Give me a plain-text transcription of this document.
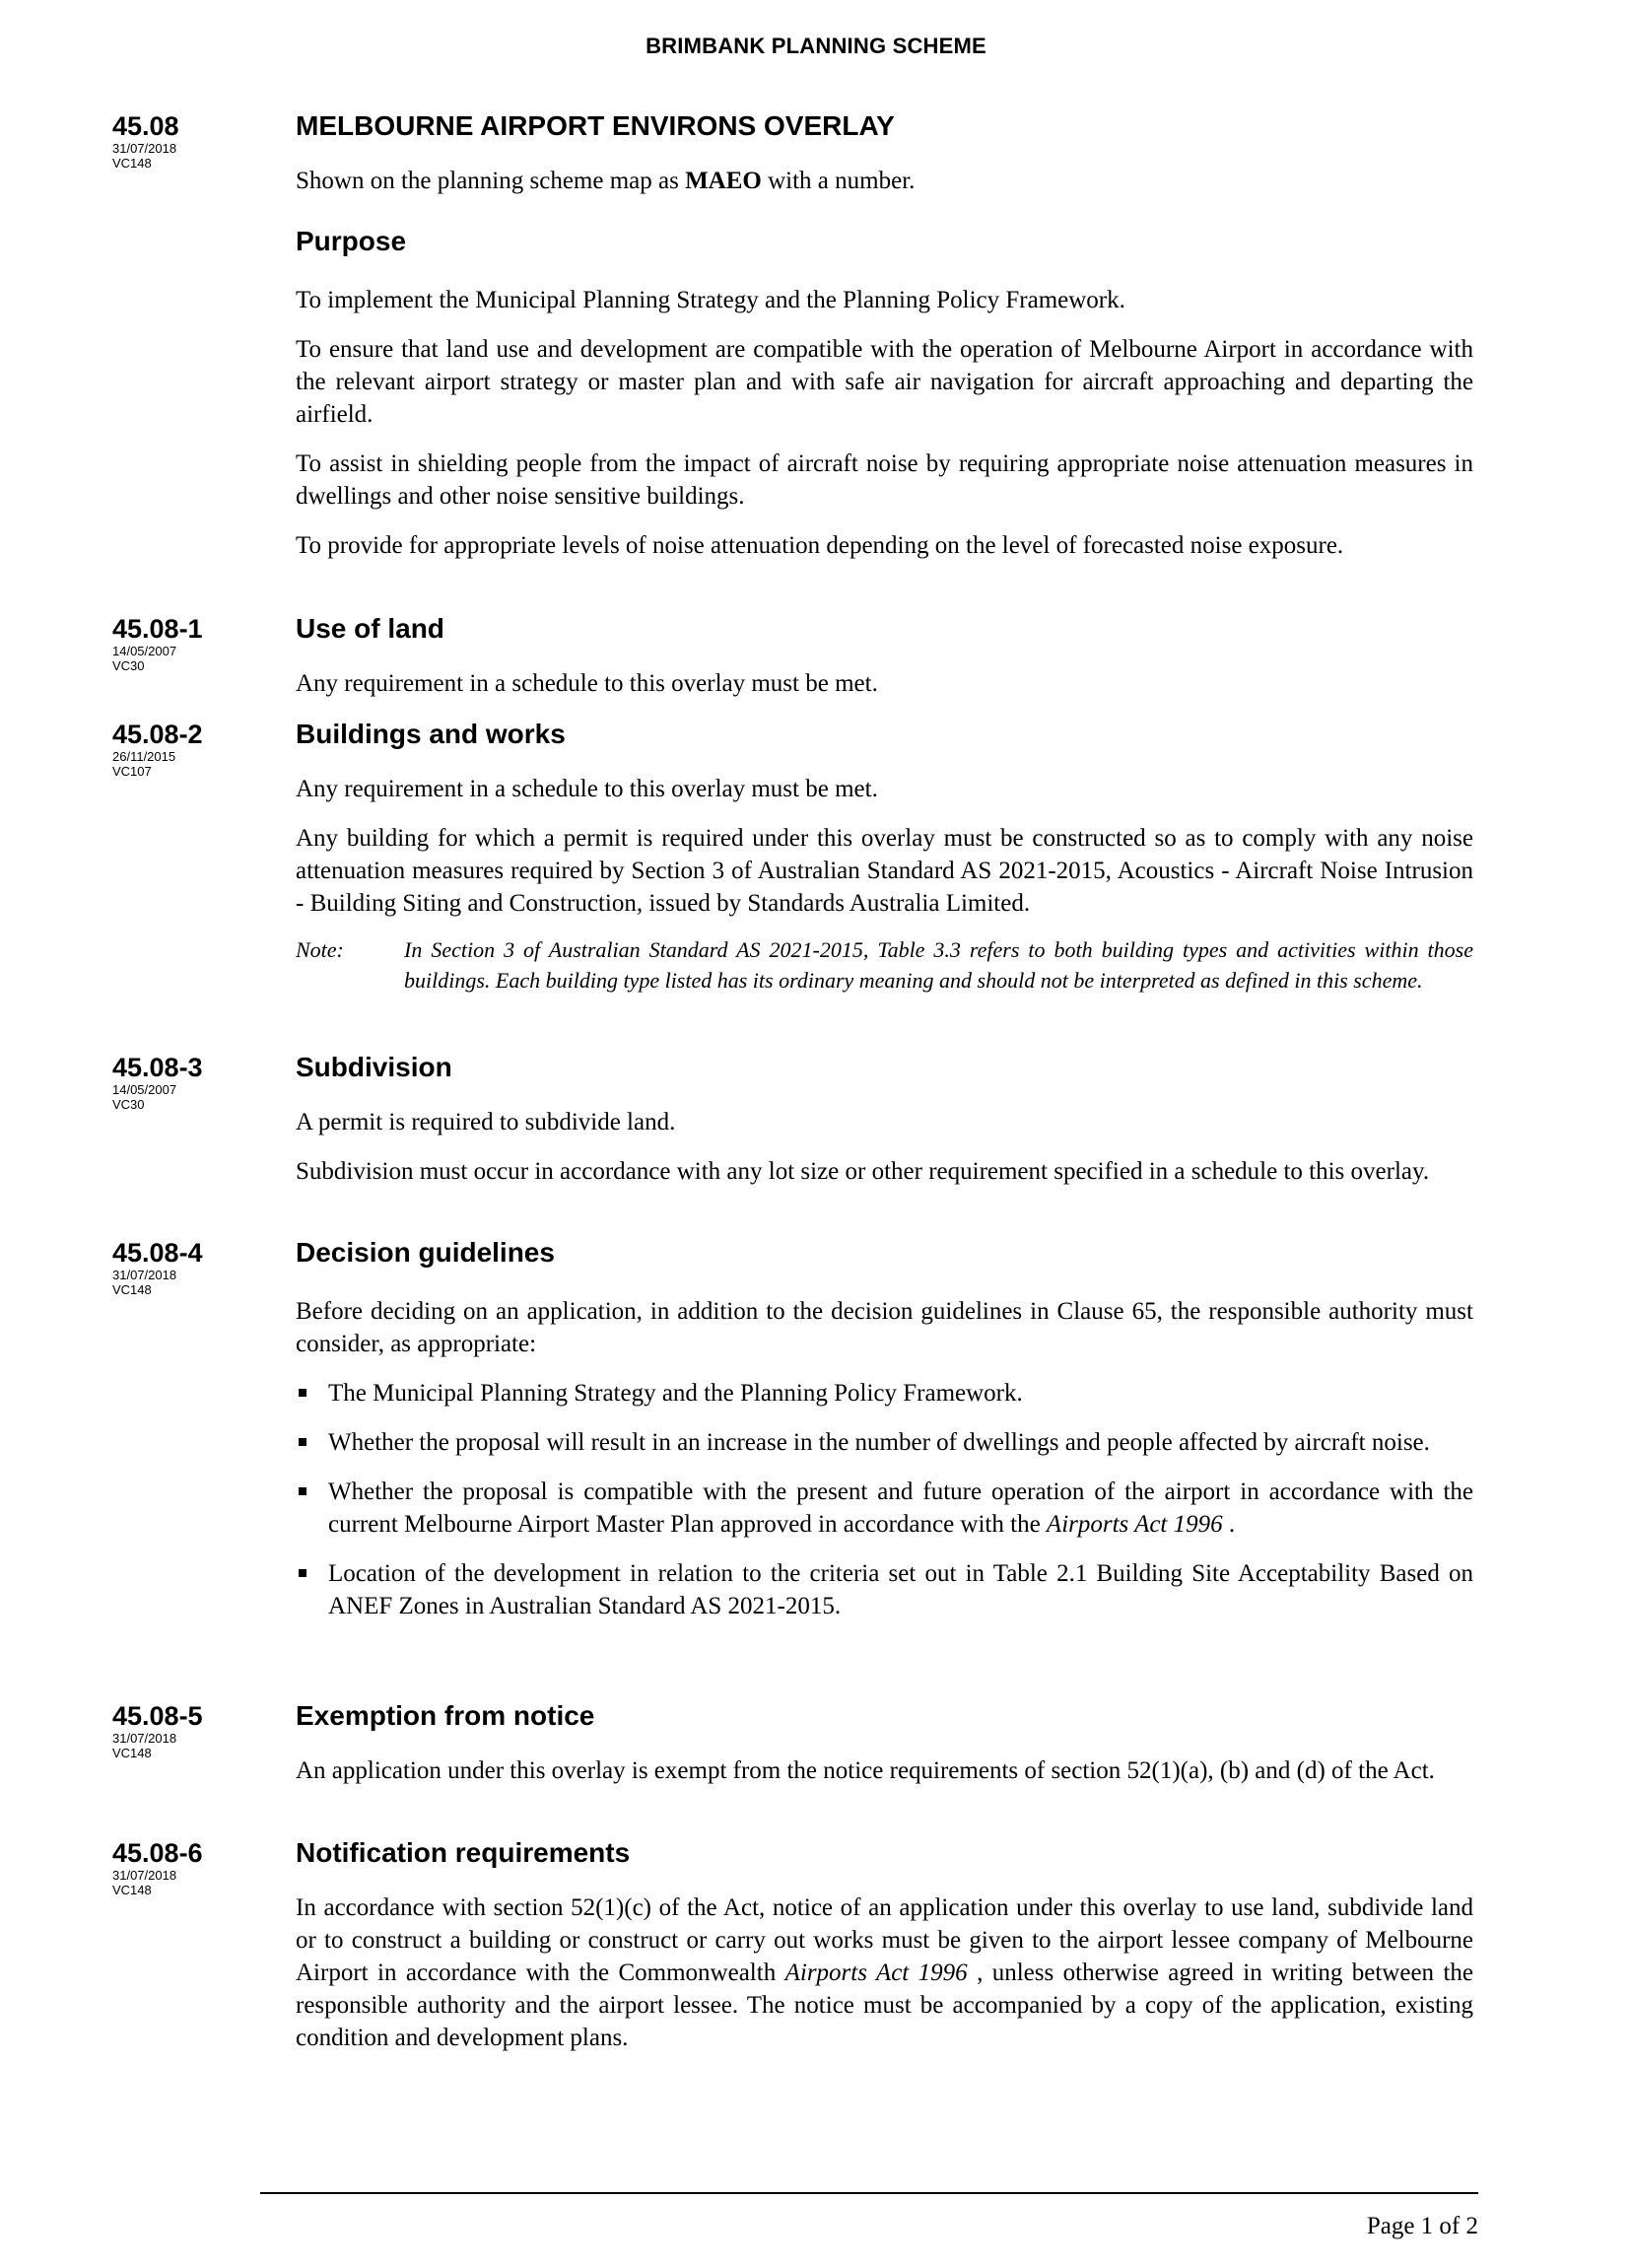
BRIMBANK PLANNING SCHEME
45.08
31/07/2018
VC148
MELBOURNE AIRPORT ENVIRONS OVERLAY

Shown on the planning scheme map as MAEO with a number.

Purpose

To implement the Municipal Planning Strategy and the Planning Policy Framework.

To ensure that land use and development are compatible with the operation of Melbourne Airport in accordance with the relevant airport strategy or master plan and with safe air navigation for aircraft approaching and departing the airfield.

To assist in shielding people from the impact of aircraft noise by requiring appropriate noise attenuation measures in dwellings and other noise sensitive buildings.

To provide for appropriate levels of noise attenuation depending on the level of forecasted noise exposure.

45.08-1
14/05/2007
VC30
Use of land

Any requirement in a schedule to this overlay must be met.

45.08-2
26/11/2015
VC107
Buildings and works

Any requirement in a schedule to this overlay must be met.

Any building for which a permit is required under this overlay must be constructed so as to comply with any noise attenuation measures required by Section 3 of Australian Standard AS 2021-2015, Acoustics - Aircraft Noise Intrusion - Building Siting and Construction, issued by Standards Australia Limited.

Note:	In Section 3 of Australian Standard AS 2021-2015, Table 3.3 refers to both building types and activities within those buildings. Each building type listed has its ordinary meaning and should not be interpreted as defined in this scheme.
45.08-3
14/05/2007
VC30
Subdivision

A permit is required to subdivide land.

Subdivision must occur in accordance with any lot size or other requirement specified in a schedule to this overlay.

45.08-4
31/07/2018
VC148
Decision guidelines

Before deciding on an application, in addition to the decision guidelines in Clause 65, the responsible authority must consider, as appropriate:

The Municipal Planning Strategy and the Planning Policy Framework.
Whether the proposal will result in an increase in the number of dwellings and people affected by aircraft noise.
Whether the proposal is compatible with the present and future operation of the airport in accordance with the current Melbourne Airport Master Plan approved in accordance with the Airports Act 1996 .
Location of the development in relation to the criteria set out in Table 2.1 Building Site Acceptability Based on ANEF Zones in Australian Standard AS 2021-2015.
45.08-5
31/07/2018
VC148
Exemption from notice

An application under this overlay is exempt from the notice requirements of section 52(1)(a), (b) and (d) of the Act.

45.08-6
31/07/2018
VC148
Notification requirements

In accordance with section 52(1)(c) of the Act, notice of an application under this overlay to use land, subdivide land or to construct a building or construct or carry out works must be given to the airport lessee company of Melbourne Airport in accordance with the Commonwealth Airports Act 1996 , unless otherwise agreed in writing between the responsible authority and the airport lessee. The notice must be accompanied by a copy of the application, existing condition and development plans.

Page 1 of 2
